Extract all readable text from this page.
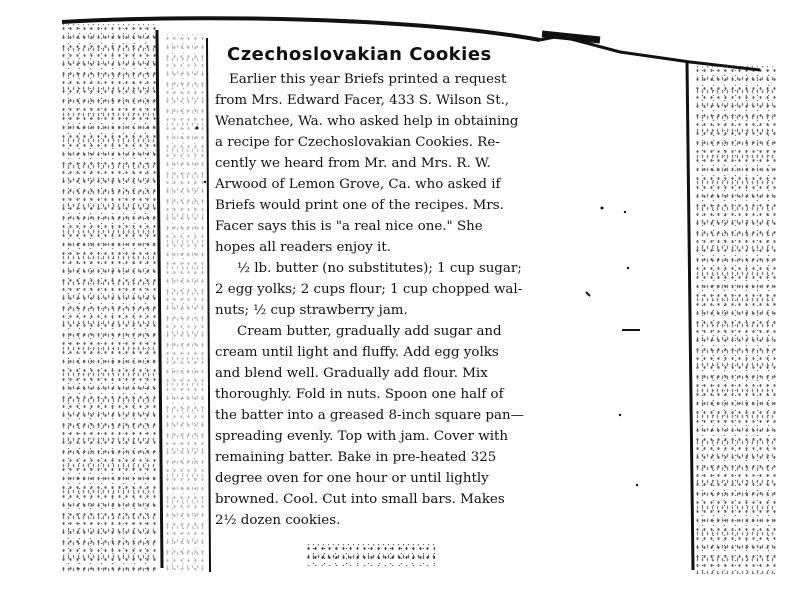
Czechoslovakian Cookies

Earlier this year Briefs printed a request
from Mrs. Edward Facer, 433 S. Wilson St.,
Wenatchee, Wa. who asked help in obtaining
a recipe for Czechoslovakian Cookies. Re-
cently we heard from Mr. and Mrs. R. W.
Arwood of Lemon Grove, Ca. who asked if
Briefs would print one of the recipes. Mrs.
Facer says this is "a real nice one." She
hopes all readers enjoy it.

½ lb. butter (no substitutes); 1 cup sugar;
2 egg yolks; 2 cups flour; 1 cup chopped wal-
nuts; ½ cup strawberry jam.

Cream butter, gradually add sugar and
cream until light and fluffy. Add egg yolks
and blend well. Gradually add flour. Mix
thoroughly. Fold in nuts. Spoon one half of
the batter into a greased 8-inch square pan—
spreading evenly. Top with jam. Cover with
remaining batter. Bake in pre-heated 325
degree oven for one hour or until lightly
browned. Cool. Cut into small bars. Makes
2½ dozen cookies.
